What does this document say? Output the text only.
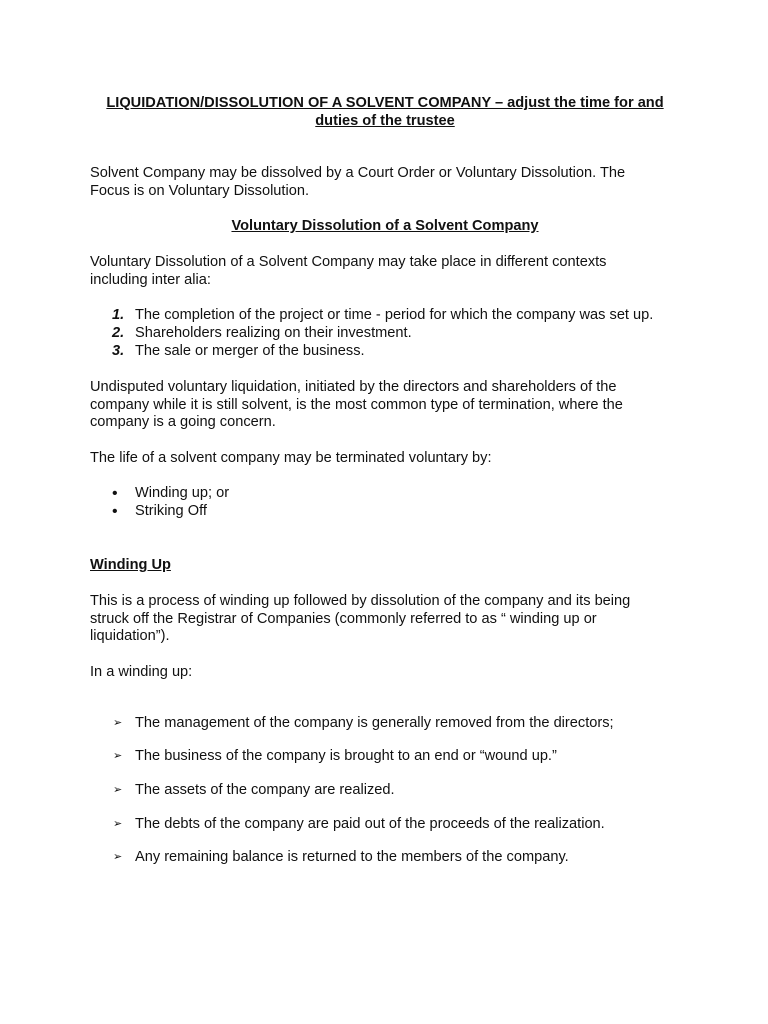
LIQUIDATION/DISSOLUTION OF A SOLVENT COMPANY – adjust the time for and duties of the trustee
Solvent Company may be dissolved by a Court Order or Voluntary Dissolution. The Focus is on Voluntary Dissolution.
Voluntary Dissolution of a Solvent Company
Voluntary Dissolution of a Solvent Company may take place in different contexts including inter alia:
1. The completion of the project or time - period for which the company was set up.
2. Shareholders realizing on their investment.
3. The sale or merger of the business.
Undisputed voluntary liquidation, initiated by the directors and shareholders of the company while it is still solvent, is the most common type of termination, where the company is a going concern.
The life of a solvent company may be terminated voluntary by:
•	Winding up; or
•	Striking Off
Winding Up
This is a process of winding up followed by dissolution of the company and its being struck off the Registrar of Companies (commonly referred to as “ winding up or liquidation”).
In a winding up:
➢ The management of the company is generally removed from the directors;
➢ The business of the company is brought to an end or “wound up.”
➢ The assets of the company are realized.
➢ The debts of the company are paid out of the proceeds of the realization.
➢ Any remaining balance is returned to the members of the company.
